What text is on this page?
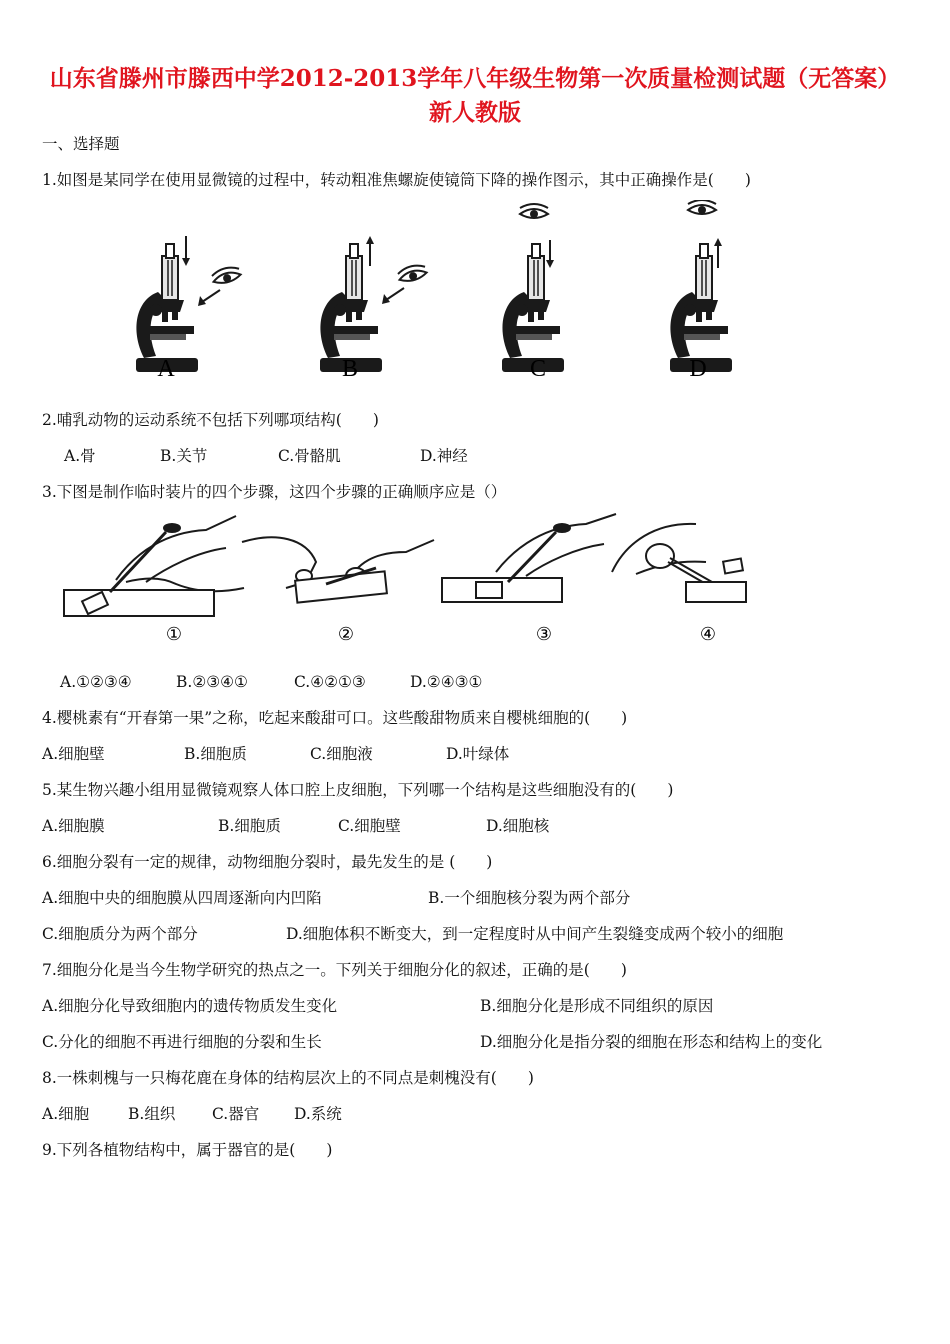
山东省滕州市滕西中学2012-2013学年八年级生物第一次质量检测试题（无答案） 新人教版
一、选择题
1.如图是某同学在使用显微镜的过程中，转动粗准焦螺旋使镜筒下降的操作图示，其中正确操作是(　　)
A	B	C	D
2.哺乳动物的运动系统不包括下列哪项结构(　　)
A.骨	B.关节	C.骨骼肌	D.神经
3.下图是制作临时装片的四个步骤，这四个步骤的正确顺序应是（）
①	②	③	④
A.①②③④	B.②③④①	C.④②①③	D.②④③①
4.樱桃素有“开春第一果”之称，吃起来酸甜可口。这些酸甜物质来自樱桃细胞的(　　)
A.细胞壁	B.细胞质	C.细胞液	D.叶绿体
5.某生物兴趣小组用显微镜观察人体口腔上皮细胞，下列哪一个结构是这些细胞没有的(　　)
A.细胞膜	B.细胞质	C.细胞壁	D.细胞核
6.细胞分裂有一定的规律，动物细胞分裂时，最先发生的是 (　　)
A.细胞中央的细胞膜从四周逐渐向内凹陷	B.一个细胞核分裂为两个部分
C.细胞质分为两个部分	D.细胞体积不断变大，到一定程度时从中间产生裂缝变成两个较小的细胞
7.细胞分化是当今生物学研究的热点之一。下列关于细胞分化的叙述，正确的是(　　)
A.细胞分化导致细胞内的遗传物质发生变化	B.细胞分化是形成不同组织的原因
C.分化的细胞不再进行细胞的分裂和生长	D.细胞分化是指分裂的细胞在形态和结构上的变化
8.一株刺槐与一只梅花鹿在身体的结构层次上的不同点是刺槐没有(　　)
A.细胞	B.组织 C.器官 D.系统
9.下列各植物结构中，属于器官的是(　　)
